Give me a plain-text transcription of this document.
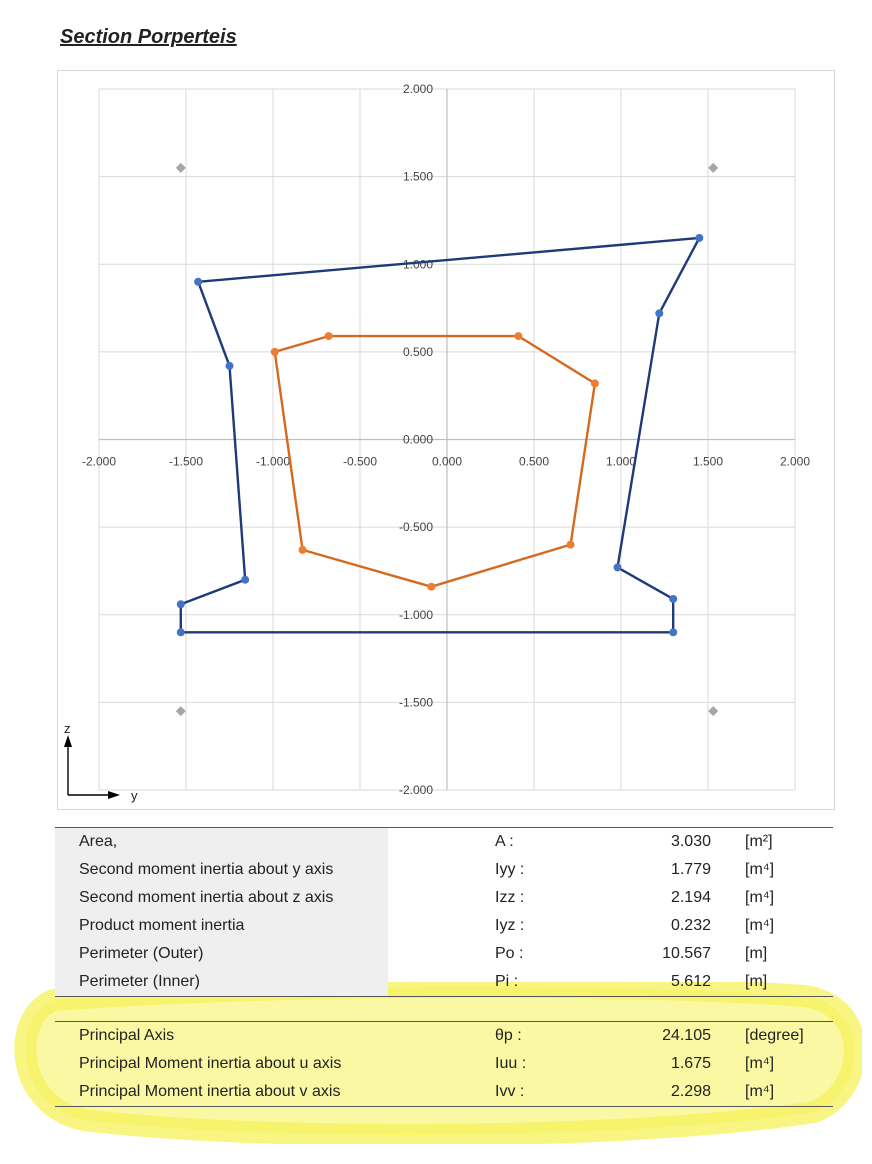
Section Porperteis
-2.000	-1.500	-1.000	-0.500	0.000	0.500	1.000	1.500	2.000
2.000
1.500
1.000
0.500
0.000
-0.500
-1.000
-1.500
-2.000
z
y
Area,	A :	3.030 [m²]
Second moment inertia about y axis	Iyy :	1.779 [m⁴]
Second moment inertia about z axis	Izz :	2.194 [m⁴]
Product moment inertia	Iyz :	0.232 [m⁴]
Perimeter (Outer)	Po :	10.567 [m]
Perimeter (Inner)	Pi :	5.612 [m]
Principal Axis	θp :	24.105 [degree]
Principal Moment inertia about u axis	Iuu :	1.675 [m⁴]
Principal Moment inertia about v axis	Ivv :	2.298 [m⁴]
